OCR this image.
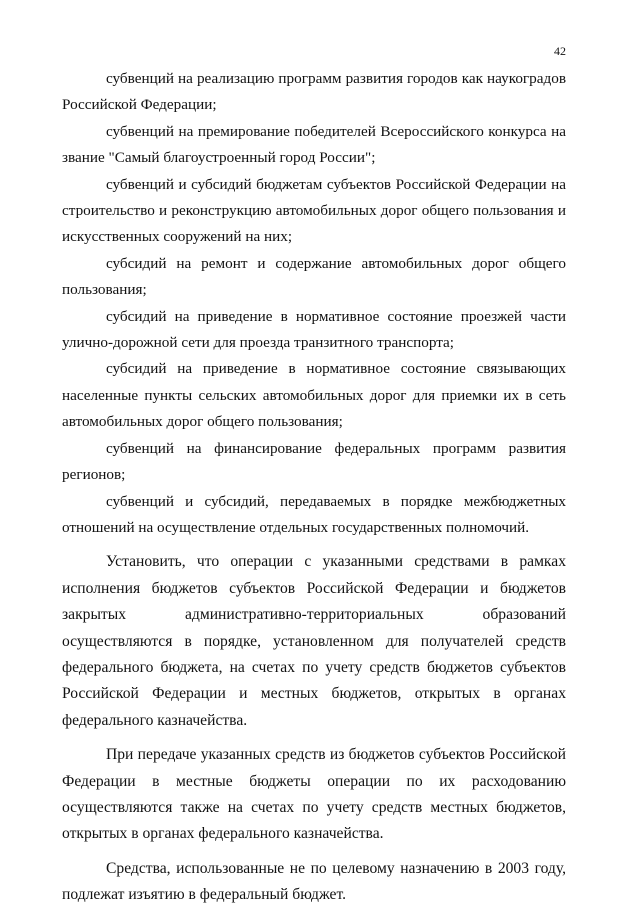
42

субвенций на реализацию программ развития городов как наукоградов Российской Федерации;

субвенций на премирование победителей Всероссийского конкурса на звание "Самый благоустроенный город России";

субвенций и субсидий бюджетам субъектов Российской Федерации на строительство и реконструкцию автомобильных дорог общего пользования и искусственных сооружений на них;

субсидий на ремонт и содержание автомобильных дорог общего пользования;

субсидий на приведение в нормативное состояние проезжей части улично-дорожной сети для проезда транзитного транспорта;

субсидий на приведение в нормативное состояние связывающих населенные пункты сельских автомобильных дорог для приемки их в сеть автомобильных дорог общего пользования;

субвенций на финансирование федеральных программ развития регионов;

субвенций и субсидий, передаваемых в порядке межбюджетных отношений на осуществление отдельных государственных полномочий.

Установить, что операции с указанными средствами в рамках исполнения бюджетов субъектов Российской Федерации и бюджетов закрытых административно-территориальных образований осуществляются в порядке, установленном для получателей средств федерального бюджета, на счетах по учету средств бюджетов субъектов Российской Федерации и местных бюджетов, открытых в органах федерального казначейства.

При передаче указанных средств из бюджетов субъектов Российской Федерации в местные бюджеты операции по их расходованию осуществляются также на счетах по учету средств местных бюджетов, открытых в органах федерального казначейства.

Средства, использованные не по целевому назначению в 2003 году, подлежат изъятию в федеральный бюджет.
